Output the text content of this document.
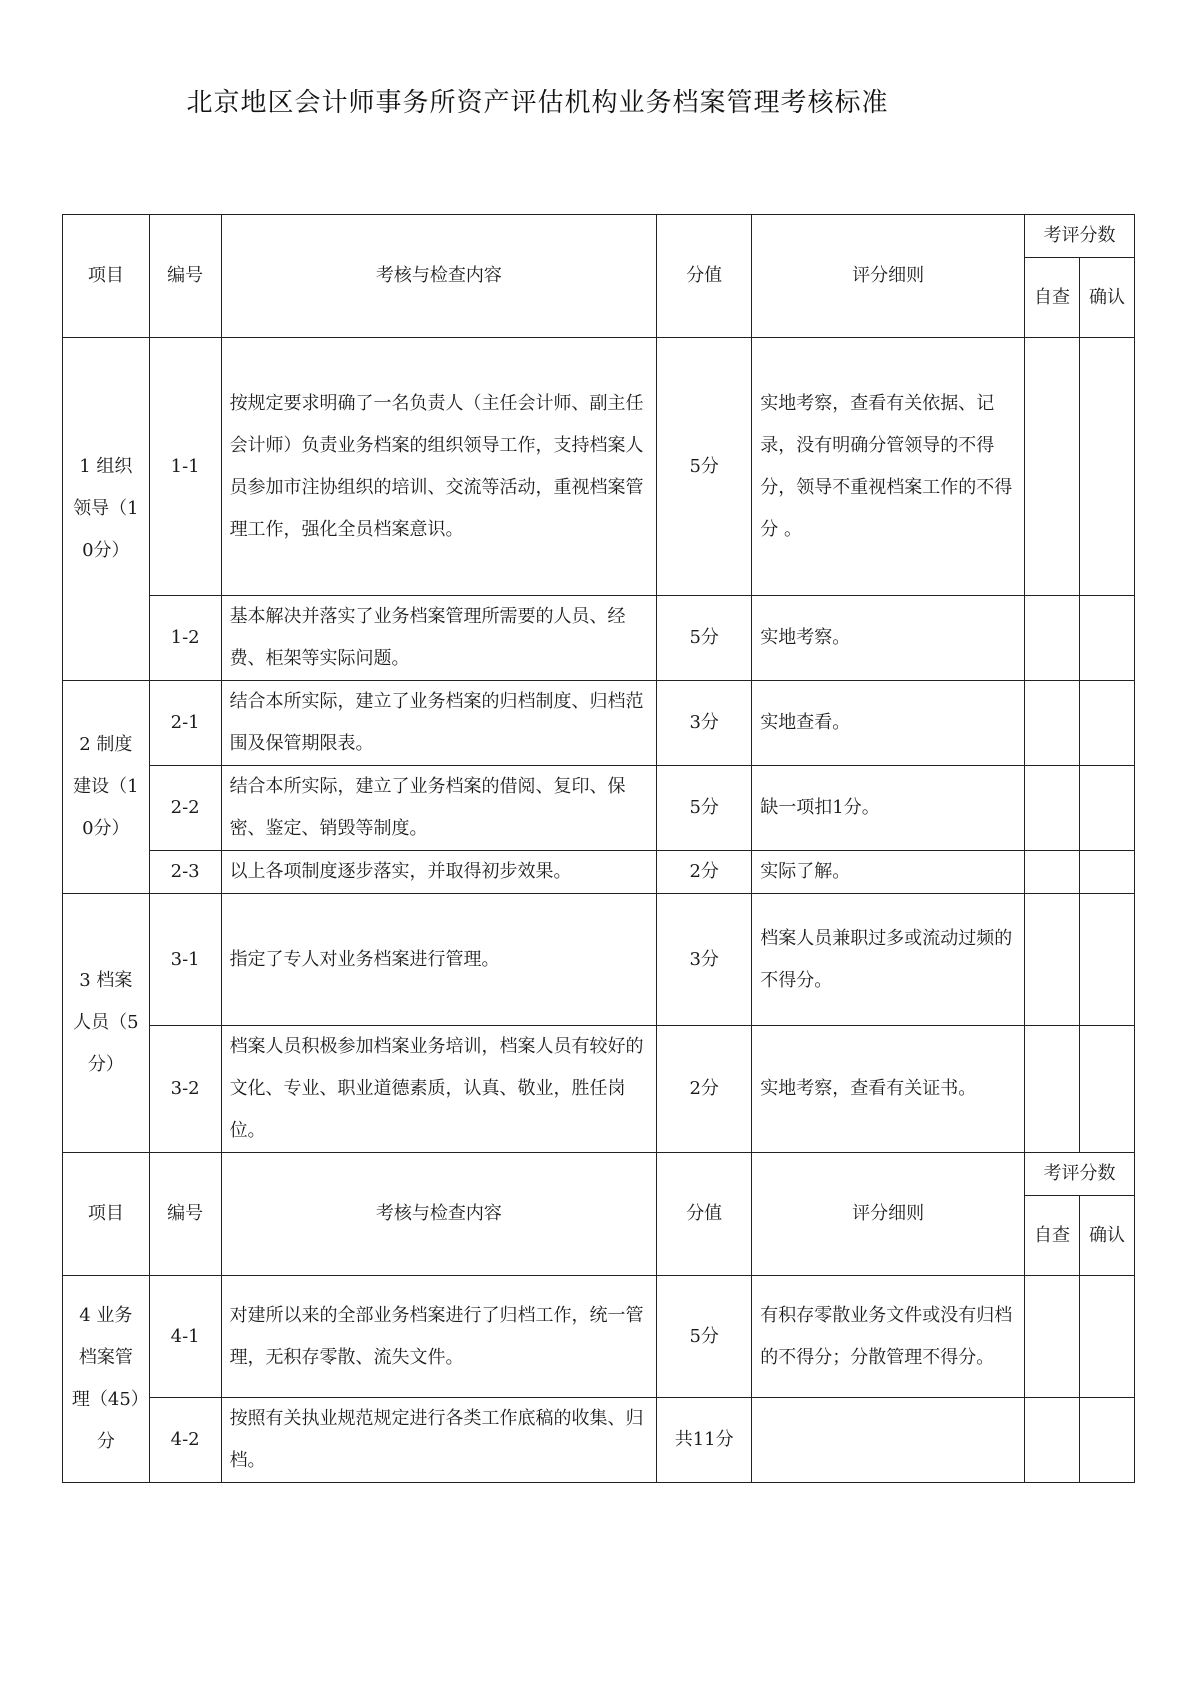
北京地区会计师事务所资产评估机构业务档案管理考核标准
项目	编号	考核与检查内容	分值	评分细则	考评分数	
					自查	确认
1 组织领导（10分）	1-1	按规定要求明确了一名负责人（主任会计师、副主任会计师）负责业务档案的组织领导工作，支持档案人员参加市注协组织的培训、交流等活动，重视档案管理工作，强化全员档案意识。	5分	实地考察，查看有关依据、记录，没有明确分管领导的不得分，领导不重视档案工作的不得分 。		
	1-2	基本解决并落实了业务档案管理所需要的人员、经费、柜架等实际问题。	5分	实地考察。		
2 制度建设（10分）	2-1	结合本所实际，建立了业务档案的归档制度、归档范围及保管期限表。	3分	实地查看。		
	2-2	结合本所实际，建立了业务档案的借阅、复印、保密、鉴定、销毁等制度。	5分	缺一项扣1分。		
	2-3	以上各项制度逐步落实，并取得初步效果。	2分	实际了解。		
3 档案人员（5分）	3-1	指定了专人对业务档案进行管理。	3分	档案人员兼职过多或流动过频的不得分。		
	3-2	档案人员积极参加档案业务培训，档案人员有较好的文化、专业、职业道德素质，认真、敬业，胜任岗位。	2分	实地考察，查看有关证书。		
项目	编号	考核与检查内容	分值	评分细则	考评分数	
					自查	确认
4 业务档案管理（45）分	4-1	对建所以来的全部业务档案进行了归档工作，统一管理，无积存零散、流失文件。	5分	有积存零散业务文件或没有归档的不得分；分散管理不得分。		
	4-2	按照有关执业规范规定进行各类工作底稿的收集、归档。	共11分			
